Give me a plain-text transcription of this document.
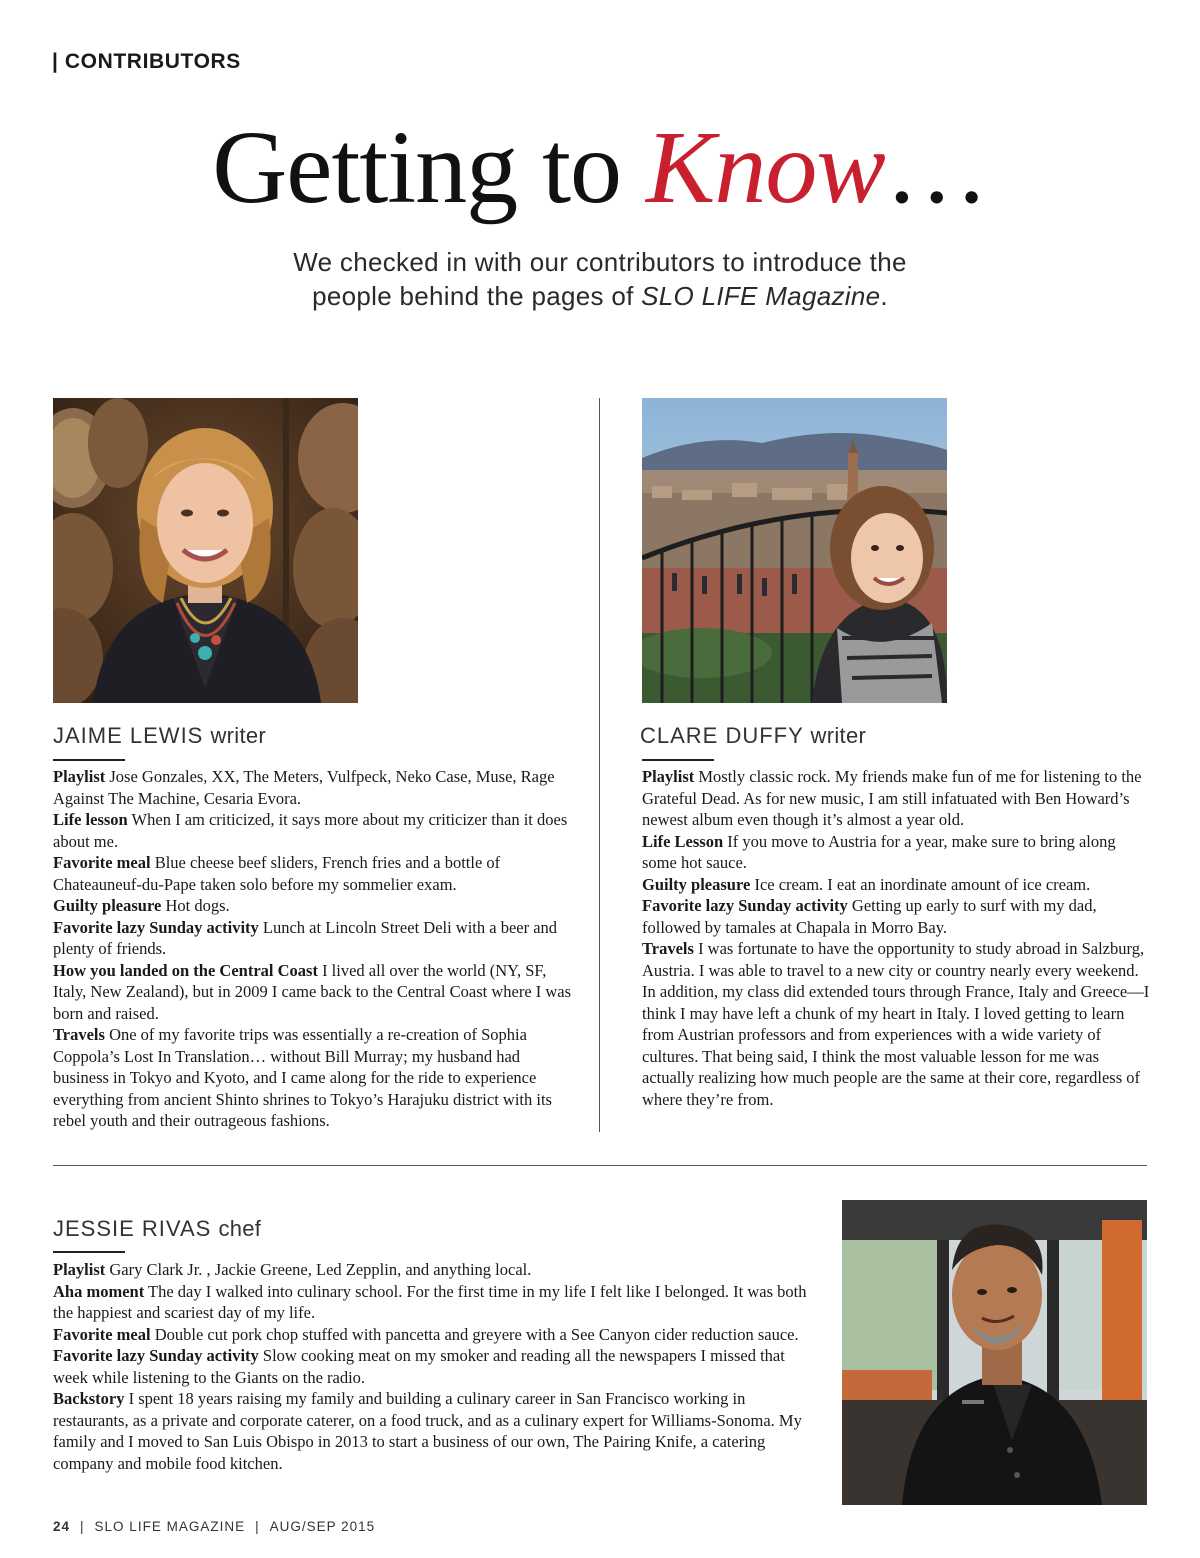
| CONTRIBUTORS
Getting to Know…
We checked in with our contributors to introduce the
people behind the pages of SLO LIFE Magazine.
JAIME LEWIS writer

Playlist Jose Gonzales, XX, The Meters, Vulfpeck, Neko Case, Muse, Rage Against The Machine, Cesaria Evora.

Life lesson When I am criticized, it says more about my criticizer than it does about me.

Favorite meal Blue cheese beef sliders, French fries and a bottle of Chateauneuf-du-Pape taken solo before my sommelier exam.

Guilty pleasure Hot dogs.

Favorite lazy Sunday activity Lunch at Lincoln Street Deli with a beer and plenty of friends.

How you landed on the Central Coast I lived all over the world (NY, SF, Italy, New Zealand), but in 2009 I came back to the Central Coast where I was born and raised.

Travels One of my favorite trips was essentially a re-creation of Sophia Coppola’s Lost In Translation… without Bill Murray; my husband had business in Tokyo and Kyoto, and I came along for the ride to experience everything from ancient Shinto shrines to Tokyo’s Harajuku district with its rebel youth and their outrageous fashions.

CLARE DUFFY writer

Playlist Mostly classic rock. My friends make fun of me for listening to the Grateful Dead. As for new music, I am still infatuated with Ben Howard’s newest album even though it’s almost a year old.

Life Lesson If you move to Austria for a year, make sure to bring along some hot sauce.

Guilty pleasure Ice cream. I eat an inordinate amount of ice cream.

Favorite lazy Sunday activity Getting up early to surf with my dad, followed by tamales at Chapala in Morro Bay.

Travels I was fortunate to have the opportunity to study abroad in Salzburg, Austria. I was able to travel to a new city or country nearly every weekend. In addition, my class did extended tours through France, Italy and Greece—I think I may have left a chunk of my heart in Italy. I loved getting to learn from Austrian professors and from experiences with a wide variety of cultures. That being said, I think the most valuable lesson for me was actually realizing how much people are the same at their core, regardless of where they’re from.

JESSIE RIVAS chef

Playlist Gary Clark Jr. , Jackie Greene, Led Zepplin, and anything local.

Aha moment The day I walked into culinary school. For the first time in my life I felt like I belonged. It was both the happiest and scariest day of my life.

Favorite meal Double cut pork chop stuffed with pancetta and greyere with a See Canyon cider reduction sauce.

Favorite lazy Sunday activity Slow cooking meat on my smoker and reading all the newspapers I missed that week while listening to the Giants on the radio.

Backstory I spent 18 years raising my family and building a culinary career in San Francisco working in restaurants, as a private and corporate caterer, on a food truck, and as a culinary expert for Williams-Sonoma. My family and I moved to San Luis Obispo in 2013 to start a business of our own, The Pairing Knife, a catering company and mobile food kitchen.

24 | SLO LIFE MAGAZINE | AUG/SEP 2015
